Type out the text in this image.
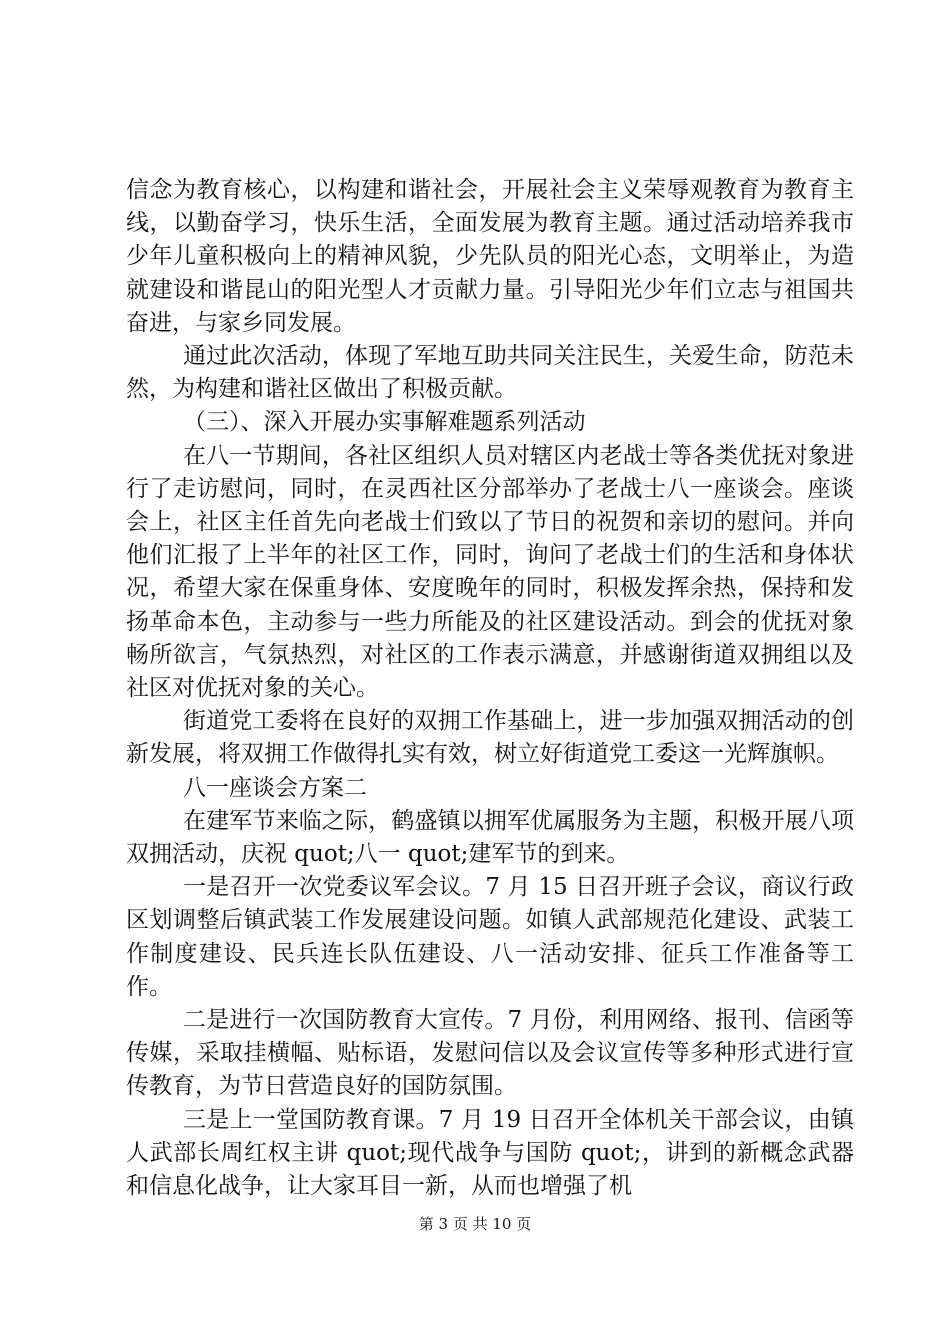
信念为教育核心，以构建和谐社会，开展社会主义荣辱观教育为教育主线，以勤奋学习，快乐生活，全面发展为教育主题。通过活动培养我市少年儿童积极向上的精神风貌，少先队员的阳光心态，文明举止，为造就建设和谐昆山的阳光型人才贡献力量。引导阳光少年们立志与祖国共奋进，与家乡同发展。

通过此次活动，体现了军地互助共同关注民生，关爱生命，防范未然，为构建和谐社区做出了积极贡献。

（三）、深入开展办实事解难题系列活动

在八一节期间，各社区组织人员对辖区内老战士等各类优抚对象进行了走访慰问，同时，在灵西社区分部举办了老战士八一座谈会。座谈会上，社区主任首先向老战士们致以了节日的祝贺和亲切的慰问。并向他们汇报了上半年的社区工作，同时，询问了老战士们的生活和身体状况，希望大家在保重身体、安度晚年的同时，积极发挥余热，保持和发扬革命本色，主动参与一些力所能及的社区建设活动。到会的优抚对象畅所欲言，气氛热烈，对社区的工作表示满意，并感谢街道双拥组以及社区对优抚对象的关心。

街道党工委将在良好的双拥工作基础上，进一步加强双拥活动的创新发展，将双拥工作做得扎实有效，树立好街道党工委这一光辉旗帜。

八一座谈会方案二

在建军节来临之际，鹤盛镇以拥军优属服务为主题，积极开展八项双拥活动，庆祝 quot;八一 quot;建军节的到来。

一是召开一次党委议军会议。7 月 15 日召开班子会议，商议行政区划调整后镇武装工作发展建设问题。如镇人武部规范化建设、武装工作制度建设、民兵连长队伍建设、八一活动安排、征兵工作准备等工作。

二是进行一次国防教育大宣传。7 月份，利用网络、报刊、信函等传媒，采取挂横幅、贴标语，发慰问信以及会议宣传等多种形式进行宣传教育，为节日营造良好的国防氛围。

三是上一堂国防教育课。7 月 19 日召开全体机关干部会议，由镇人武部长周红权主讲 quot;现代战争与国防 quot;，讲到的新概念武器和信息化战争，让大家耳目一新，从而也增强了机

第 3 页 共 10 页
